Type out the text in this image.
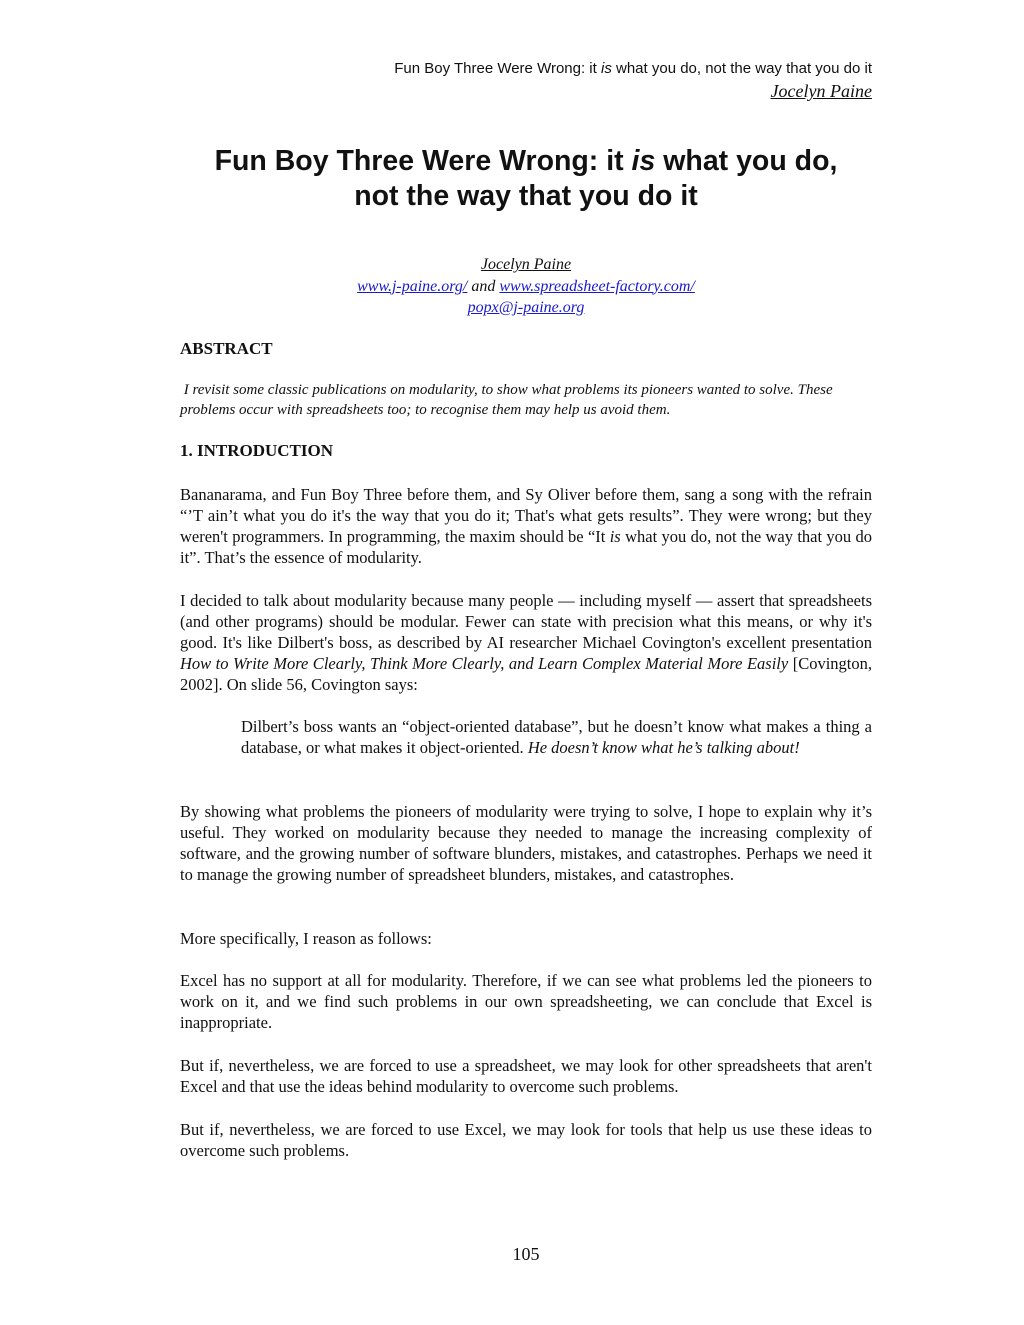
Fun Boy Three Were Wrong: it is what you do, not the way that you do it
Jocelyn Paine
Fun Boy Three Were Wrong: it is what you do,
not the way that you do it
Jocelyn Paine
www.j-paine.org/ and www.spreadsheet-factory.com/
popx@j-paine.org
ABSTRACT

I revisit some classic publications on modularity, to show what problems its pioneers wanted to solve. These problems occur with spreadsheets too; to recognise them may help us avoid them.

1. INTRODUCTION

Bananarama, and Fun Boy Three before them, and Sy Oliver before them, sang a song with the refrain “’T ain’t what you do it's the way that you do it; That's what gets results”. They were wrong; but they weren't programmers. In programming, the maxim should be “It is what you do, not the way that you do it”. That’s the essence of modularity.

I decided to talk about modularity because many people — including myself — assert that spreadsheets (and other programs) should be modular. Fewer can state with precision what this means, or why it's good. It's like Dilbert's boss, as described by AI researcher Michael Covington's excellent presentation How to Write More Clearly, Think More Clearly, and Learn Complex Material More Easily [Covington, 2002]. On slide 56, Covington says:

Dilbert’s boss wants an “object-oriented database”, but he doesn’t know what makes a thing a database, or what makes it object-oriented. He doesn’t know what he’s talking about!

By showing what problems the pioneers of modularity were trying to solve, I hope to explain why it’s useful. They worked on modularity because they needed to manage the increasing complexity of software, and the growing number of software blunders, mistakes, and catastrophes. Perhaps we need it to manage the growing number of spreadsheet blunders, mistakes, and catastrophes.

More specifically, I reason as follows:

Excel has no support at all for modularity. Therefore, if we can see what problems led the pioneers to work on it, and we find such problems in our own spreadsheeting, we can conclude that Excel is inappropriate.

But if, nevertheless, we are forced to use a spreadsheet, we may look for other spreadsheets that aren't Excel and that use the ideas behind modularity to overcome such problems.

But if, nevertheless, we are forced to use Excel, we may look for tools that help us use these ideas to overcome such problems.

105
